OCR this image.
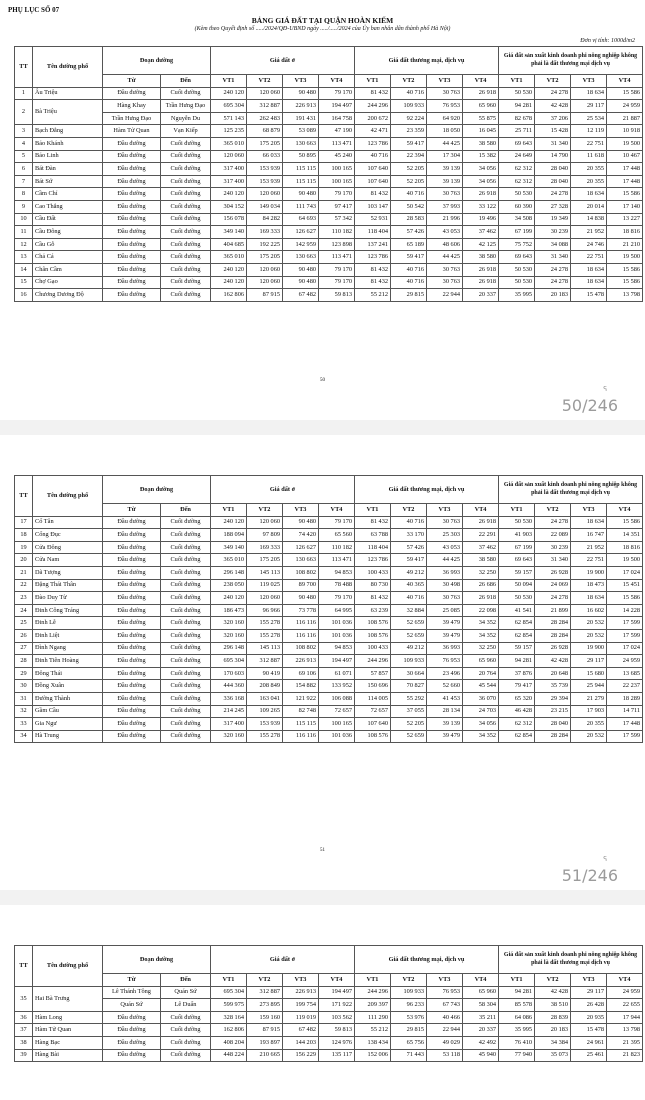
PHỤ LỤC SỐ 07
BẢNG GIÁ ĐẤT TẠI QUẬN HOÀN KIẾM
(Kèm theo Quyết định số ...../2024/QĐ-UBND ngày ...../...../2024 của Ủy ban nhân dân thành phố Hà Nội)
Đơn vị tính: 1000đ/m2
TT	Tên đường phố	Đoạn đường		Giá đất ở				Giá đất thương mại, dịch vụ				Giá đất sản xuất kinh doanh phi nông nghiệp không phải là đất thương mại dịch vụ			

		Từ	Đến	VT1	VT2	VT3	VT4	VT1	VT2	VT3	VT4	VT1	VT2	VT3	VT4
1	Âu Triệu	Đầu đường	Cuối đường	240 120	120 060	90 480	79 170	81 432	40 716	30 763	26 918	50 530	24 278	18 634	15 586
2	Bà Triệu	Hàng Khay	Trần Hưng Đạo	695 304	312 887	226 913	194 497	244 296	109 933	76 953	65 960	94 281	42 428	29 117	24 959
		Trần Hưng Đạo	Nguyễn Du	571 143	262 483	191 431	164 758	200 672	92 224	64 920	55 875	82 678	37 206	25 534	21 887
3	Bạch Đằng	Hàm Tử Quan	Vạn Kiếp	125 235	68 879	53 089	47 190	42 471	23 359	18 050	16 045	25 711	15 428	12 119	10 918
4	Bảo Khánh	Đầu đường	Cuối đường	365 010	175 205	130 663	113 471	123 786	59 417	44 425	38 580	69 643	31 340	22 751	19 500
5	Bảo Linh	Đầu đường	Cuối đường	120 060	66 033	50 895	45 240	40 716	22 394	17 304	15 382	24 649	14 790	11 618	10 467
6	Bát Đàn	Đầu đường	Cuối đường	317 400	153 939	115 115	100 165	107 640	52 205	39 139	34 056	62 312	28 040	20 355	17 448
7	Bát Sứ	Đầu đường	Cuối đường	317 400	153 939	115 115	100 165	107 640	52 205	39 139	34 056	62 312	28 040	20 355	17 448
8	Cầm Chỉ	Đầu đường	Cuối đường	240 120	120 060	90 480	79 170	81 432	40 716	30 763	26 918	50 530	24 278	18 634	15 586
9	Cao Thắng	Đầu đường	Cuối đường	304 152	149 034	111 743	97 417	103 147	50 542	37 993	33 122	60 390	27 328	20 014	17 140
10	Cầu Đất	Đầu đường	Cuối đường	156 078	84 282	64 693	57 342	52 931	28 583	21 996	19 496	34 508	19 349	14 838	13 227
11	Cầu Đông	Đầu đường	Cuối đường	349 140	169 333	126 627	110 182	118 404	57 426	43 053	37 462	67 199	30 239	21 952	18 816
12	Cầu Gỗ	Đầu đường	Cuối đường	404 685	192 225	142 959	123 898	137 241	65 189	48 606	42 125	75 752	34 088	24 746	21 210
13	Chả Cá	Đầu đường	Cuối đường	365 010	175 205	130 663	113 471	123 786	59 417	44 425	38 580	69 643	31 340	22 751	19 500
14	Chân Cầm	Đầu đường	Cuối đường	240 120	120 060	90 480	79 170	81 432	40 716	30 763	26 918	50 530	24 278	18 634	15 586
15	Chợ Gạo	Đầu đường	Cuối đường	240 120	120 060	90 480	79 170	81 432	40 716	30 763	26 918	50 530	24 278	18 634	15 586
16	Chương Dương Độ	Đầu đường	Cuối đường	162 806	87 915	67 482	59 813	55 212	29 815	22 944	20 337	35 995	20 183	15 478	13 798
50
ᕋ
50/246
TT	Tên đường phố	Đoạn đường		Giá đất ở				Giá đất thương mại, dịch vụ				Giá đất sản xuất kinh doanh phi nông nghiệp không phải là đất thương mại dịch vụ			

		Từ	Đến	VT1	VT2	VT3	VT4	VT1	VT2	VT3	VT4	VT1	VT2	VT3	VT4
17	Cổ Tân	Đầu đường	Cuối đường	240 120	120 060	90 480	79 170	81 432	40 716	30 763	26 918	50 530	24 278	18 634	15 586
18	Cổng Đục	Đầu đường	Cuối đường	188 094	97 809	74 420	65 560	63 788	33 170	25 303	22 291	41 903	22 089	16 747	14 351
19	Cửa Đông	Đầu đường	Cuối đường	349 140	169 333	126 627	110 182	118 404	57 426	43 053	37 462	67 199	30 239	21 952	18 816
20	Cửa Nam	Đầu đường	Cuối đường	365 010	175 205	130 663	113 471	123 786	59 417	44 425	38 580	69 643	31 340	22 751	19 500
21	Dã Tượng	Đầu đường	Cuối đường	296 148	145 113	108 802	94 853	100 433	49 212	36 993	32 250	59 157	26 928	19 900	17 024
22	Đặng Thái Thân	Đầu đường	Cuối đường	238 050	119 025	89 700	78 488	80 730	40 365	30 498	26 686	50 094	24 069	18 473	15 451
23	Đào Duy Từ	Đầu đường	Cuối đường	240 120	120 060	90 480	79 170	81 432	40 716	30 763	26 918	50 530	24 278	18 634	15 586
24	Đinh Công Tráng	Đầu đường	Cuối đường	186 473	96 966	73 778	64 995	63 239	32 884	25 085	22 098	41 541	21 899	16 602	14 228
25	Đinh Lễ	Đầu đường	Cuối đường	320 160	155 278	116 116	101 036	108 576	52 659	39 479	34 352	62 854	28 284	20 532	17 599
26	Đinh Liệt	Đầu đường	Cuối đường	320 160	155 278	116 116	101 036	108 576	52 659	39 479	34 352	62 854	28 284	20 532	17 599
27	Đình Ngang	Đầu đường	Cuối đường	296 148	145 113	108 802	94 853	100 433	49 212	36 993	32 250	59 157	26 928	19 900	17 024
28	Đinh Tiên Hoàng	Đầu đường	Cuối đường	695 304	312 887	226 913	194 497	244 296	109 933	76 953	65 960	94 281	42 428	29 117	24 959
29	Đông Thái	Đầu đường	Cuối đường	170 603	90 419	69 106	61 071	57 857	30 664	23 496	20 764	37 876	20 648	15 680	13 685
30	Đồng Xuân	Đầu đường	Cuối đường	444 360	208 849	154 882	133 952	150 696	70 827	52 660	45 544	79 417	35 739	25 944	22 237
31	Đường Thành	Đầu đường	Cuối đường	336 168	163 041	121 922	106 088	114 005	55 292	41 453	36 070	65 320	29 394	21 279	18 289
32	Gầm Cầu	Đầu đường	Cuối đường	214 245	109 265	82 748	72 657	72 657	37 055	28 134	24 703	46 428	23 215	17 903	14 711
33	Gia Ngư	Đầu đường	Cuối đường	317 400	153 939	115 115	100 165	107 640	52 205	39 139	34 056	62 312	28 040	20 355	17 448
34	Hà Trung	Đầu đường	Cuối đường	320 160	155 278	116 116	101 036	108 576	52 659	39 479	34 352	62 854	28 284	20 532	17 599
51
ᕋ
51/246
TT	Tên đường phố	Đoạn đường		Giá đất ở				Giá đất thương mại, dịch vụ				Giá đất sản xuất kinh doanh phi nông nghiệp không phải là đất thương mại dịch vụ			

		Từ	Đến	VT1	VT2	VT3	VT4	VT1	VT2	VT3	VT4	VT1	VT2	VT3	VT4
35	Hai Bà Trưng	Lê Thánh Tông	Quán Sứ	695 304	312 887	226 913	194 497	244 296	109 933	76 953	65 960	94 281	42 428	29 117	24 959
		Quán Sứ	Lê Duẩn	599 975	273 895	199 754	171 922	209 397	96 233	67 743	58 304	85 578	38 510	26 428	22 655
36	Hàm Long	Đầu đường	Cuối đường	328 164	159 160	119 019	103 562	111 290	53 976	40 466	35 211	64 086	28 839	20 935	17 944
37	Hàm Tử Quan	Đầu đường	Cuối đường	162 806	87 915	67 482	59 813	55 212	29 815	22 944	20 337	35 995	20 183	15 478	13 798
38	Hàng Bạc	Đầu đường	Cuối đường	408 204	193 897	144 203	124 976	138 434	65 756	49 029	42 492	76 410	34 384	24 961	21 395
39	Hàng Bài	Đầu đường	Cuối đường	448 224	210 665	156 229	135 117	152 006	71 443	53 118	45 940	77 940	35 073	25 461	21 823
